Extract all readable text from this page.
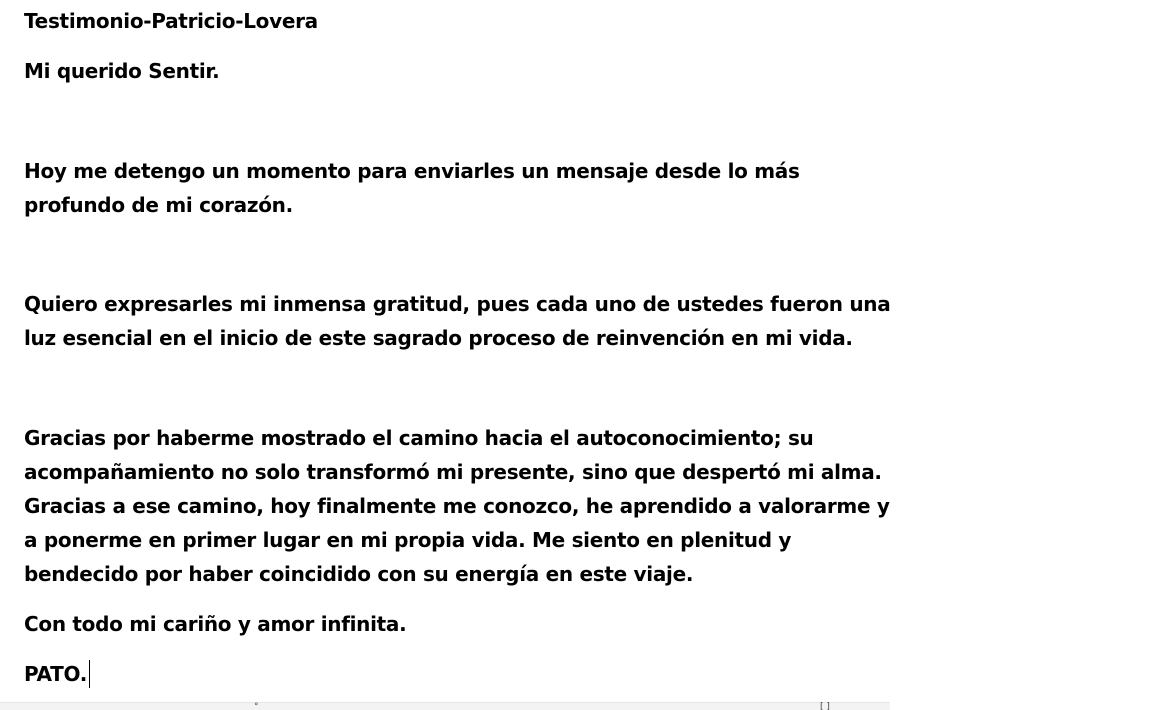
Testimonio-Patricio-Lovera
Mi querido Sentir.
Hoy me detengo un momento para enviarles un mensaje desde lo más
profundo de mi corazón.
Quiero expresarles mi inmensa gratitud, pues cada uno de ustedes fueron una
luz esencial en el inicio de este sagrado proceso de reinvención en mi vida.
Gracias por haberme mostrado el camino hacia el autoconocimiento; su
acompañamiento no solo transformó mi presente, sino que despertó mi alma.
Gracias a ese camino, hoy finalmente me conozco, he aprendido a valorarme y
a ponerme en primer lugar en mi propia vida. Me siento en plenitud y
bendecido por haber coincidido con su energía en este viaje.
Con todo mi cariño y amor infinita.
PATO.
°	[ ]
